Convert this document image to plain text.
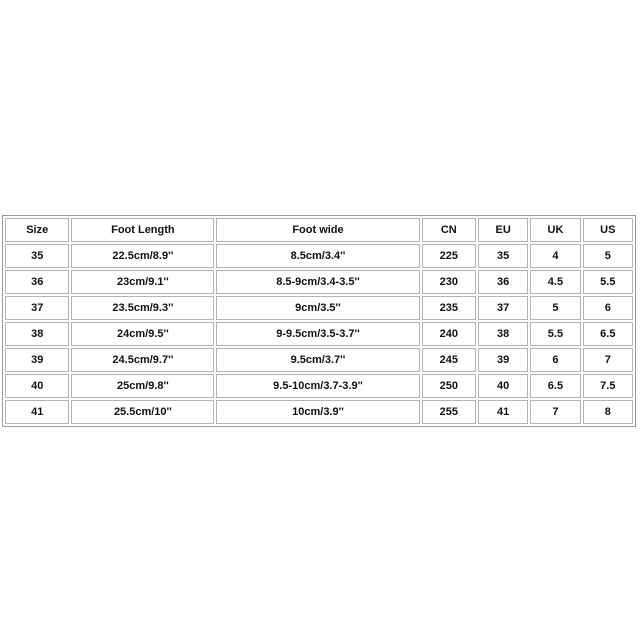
Size	Foot Length	Foot wide	CN	EU	UK	US
35	22.5cm/8.9''	8.5cm/3.4''	225	35	4	5
36	23cm/9.1''	8.5-9cm/3.4-3.5''	230	36	4.5	5.5
37	23.5cm/9.3''	9cm/3.5''	235	37	5	6
38	24cm/9.5''	9-9.5cm/3.5-3.7''	240	38	5.5	6.5
39	24.5cm/9.7''	9.5cm/3.7''	245	39	6	7
40	25cm/9.8''	9.5-10cm/3.7-3.9''	250	40	6.5	7.5
41	25.5cm/10''	10cm/3.9''	255	41	7	8
